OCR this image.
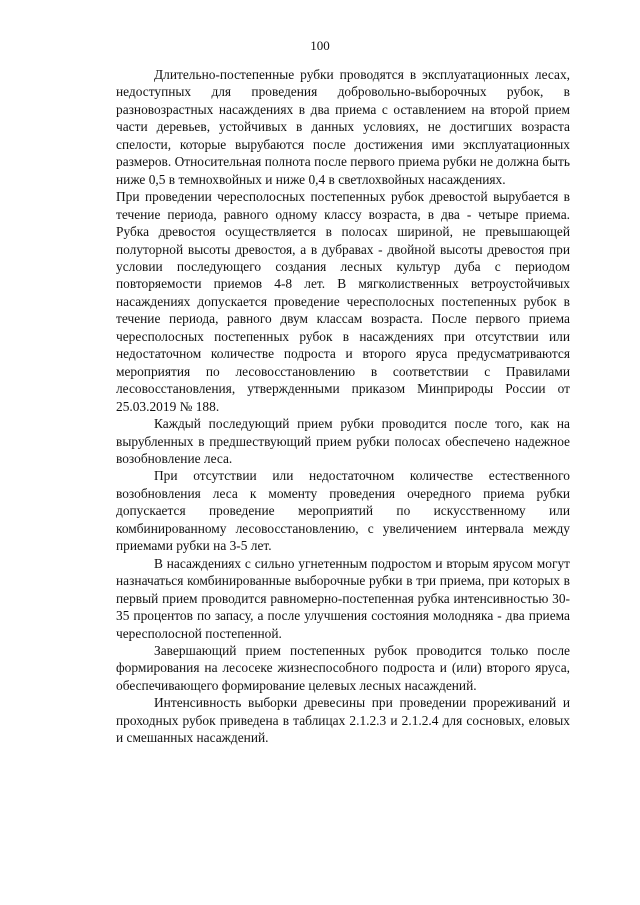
100

Длительно-постепенные рубки проводятся в эксплуатационных лесах, недоступных для проведения добровольно-выборочных рубок, в разновозрастных насаждениях в два приема с оставлением на второй прием части деревьев, устойчивых в данных условиях, не достигших возраста спелости, которые вырубаются после достижения ими эксплуатационных размеров. Относительная полнота после первого приема рубки не должна быть ниже 0,5 в темнохвойных и ниже 0,4 в светлохвойных насаждениях.

При проведении чересполосных постепенных рубок древостой вырубается в течение периода, равного одному классу возраста, в два - четыре приема. Рубка древостоя осуществляется в полосах шириной, не превышающей полуторной высоты древостоя, а в дубравах - двойной высоты древостоя при условии последующего создания лесных культур дуба с периодом повторяемости приемов 4-8 лет. В мягколиственных ветроустойчивых насаждениях допускается проведение чересполосных постепенных рубок в течение периода, равного двум классам возраста. После первого приема чересполосных постепенных рубок в насаждениях при отсутствии или недостаточном количестве подроста и второго яруса предусматриваются мероприятия по лесовосстановлению в соответствии с Правилами лесовосстановления, утвержденными приказом Минприроды России от 25.03.2019 № 188.

Каждый последующий прием рубки проводится после того, как на вырубленных в предшествующий прием рубки полосах обеспечено надежное возобновление леса.

При отсутствии или недостаточном количестве естественного возобновления леса к моменту проведения очередного приема рубки допускается проведение мероприятий по искусственному или комбинированному лесовосстановлению, с увеличением интервала между приемами рубки на 3-5 лет.

В насаждениях с сильно угнетенным подростом и вторым ярусом могут назначаться комбинированные выборочные рубки в три приема, при которых в первый прием проводится равномерно-постепенная рубка интенсивностью 30-35 процентов по запасу, а после улучшения состояния молодняка - два приема чересполосной постепенной.

Завершающий прием постепенных рубок проводится только после формирования на лесосеке жизнеспособного подроста и (или) второго яруса, обеспечивающего формирование целевых лесных насаждений.

Интенсивность выборки древесины при проведении прореживаний и проходных рубок приведена в таблицах 2.1.2.3 и 2.1.2.4 для сосновых, еловых и смешанных насаждений.
